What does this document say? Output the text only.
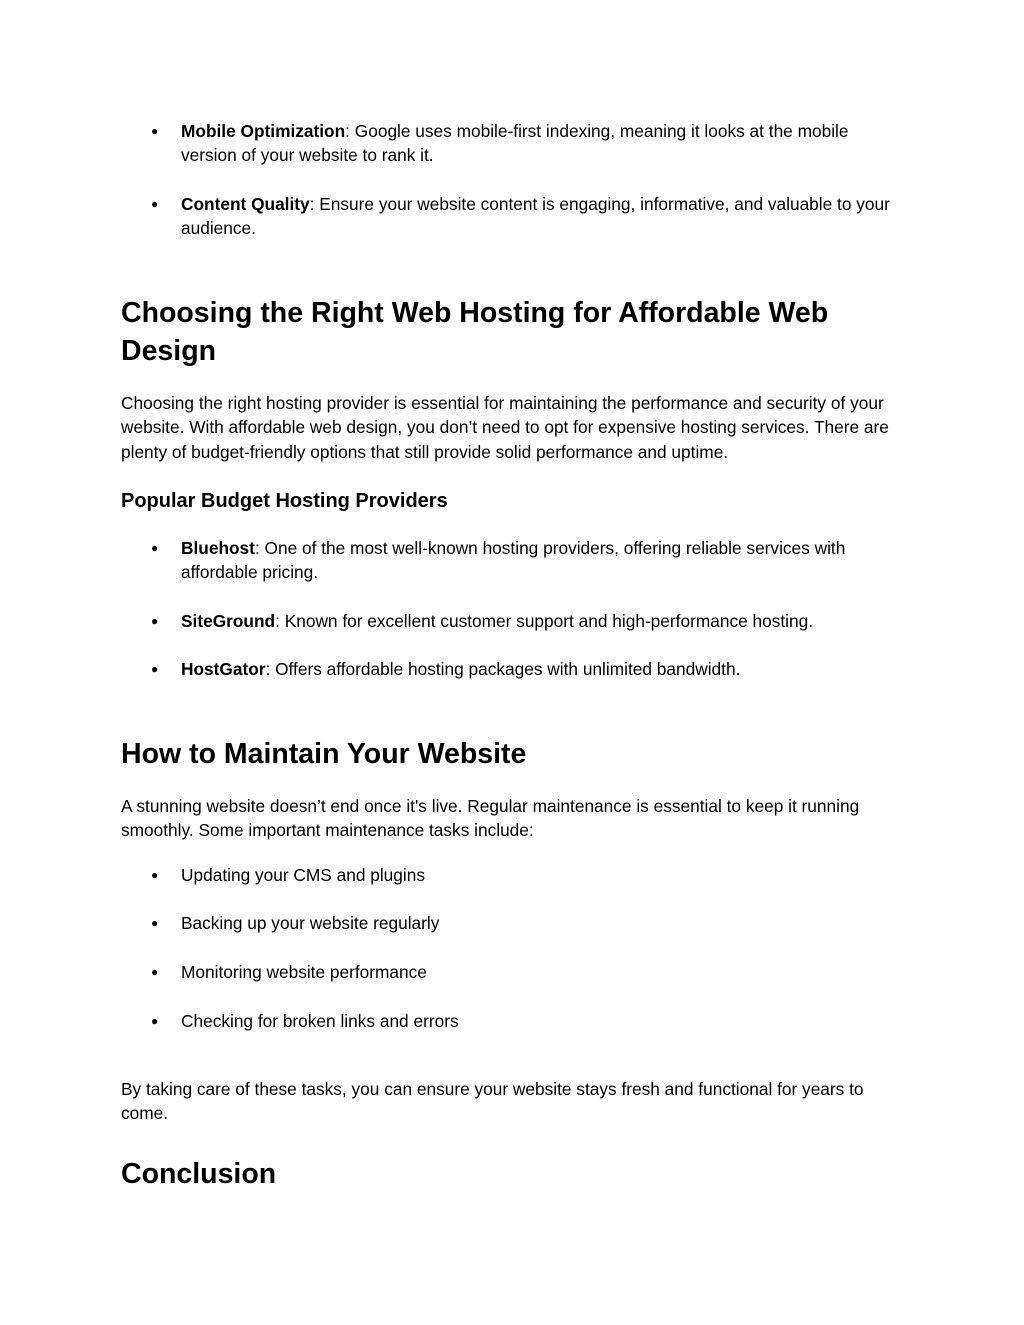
●	Mobile Optimization: Google uses mobile-first indexing, meaning it looks at the mobile version of your website to rank it.
●	Content Quality: Ensure your website content is engaging, informative, and valuable to your audience.
Choosing the Right Web Hosting for Affordable Web Design

Choosing the right hosting provider is essential for maintaining the performance and security of your website. With affordable web design, you don’t need to opt for expensive hosting services. There are plenty of budget-friendly options that still provide solid performance and uptime.

Popular Budget Hosting Providers
●	Bluehost: One of the most well-known hosting providers, offering reliable services with affordable pricing.
●	SiteGround: Known for excellent customer support and high-performance hosting.
●	HostGator: Offers affordable hosting packages with unlimited bandwidth.
How to Maintain Your Website

A stunning website doesn’t end once it's live. Regular maintenance is essential to keep it running smoothly. Some important maintenance tasks include:

●	Updating your CMS and plugins
●	Backing up your website regularly
●	Monitoring website performance
●	Checking for broken links and errors

By taking care of these tasks, you can ensure your website stays fresh and functional for years to come.

Conclusion
